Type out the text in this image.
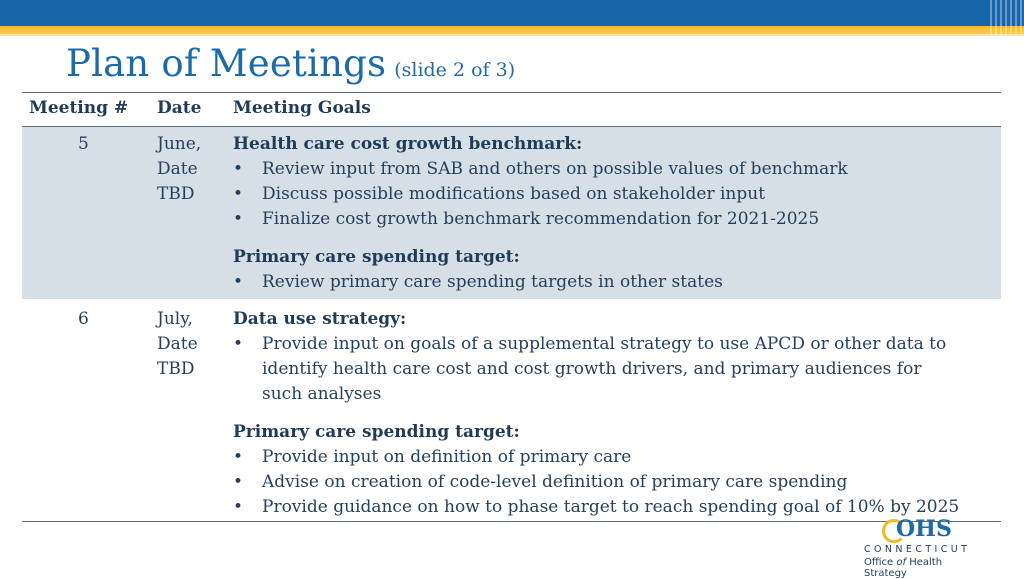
Plan of Meetings (slide 2 of 3)
Meeting # Date Meeting Goals
5	June,
Date
TBD
Health care cost growth benchmark:
• Review input from SAB and others on possible values of benchmark
• Discuss possible modifications based on stakeholder input
• Finalize cost growth benchmark recommendation for 2021-2025
Primary care spending target:
• Review primary care spending targets in other states
6	July,
Date
TBD
Data use strategy:
• Provide input on goals of a supplemental strategy to use APCD or other data to
identify health care cost and cost growth drivers, and primary audiences for
such analyses
Primary care spending target:
• Provide input on definition of primary care
• Advise on creation of code-level definition of primary care spending
• Provide guidance on how to phase target to reach spending goal of 10% by 2025
OHS
CONNECTICUT
Office of Health Strategy
